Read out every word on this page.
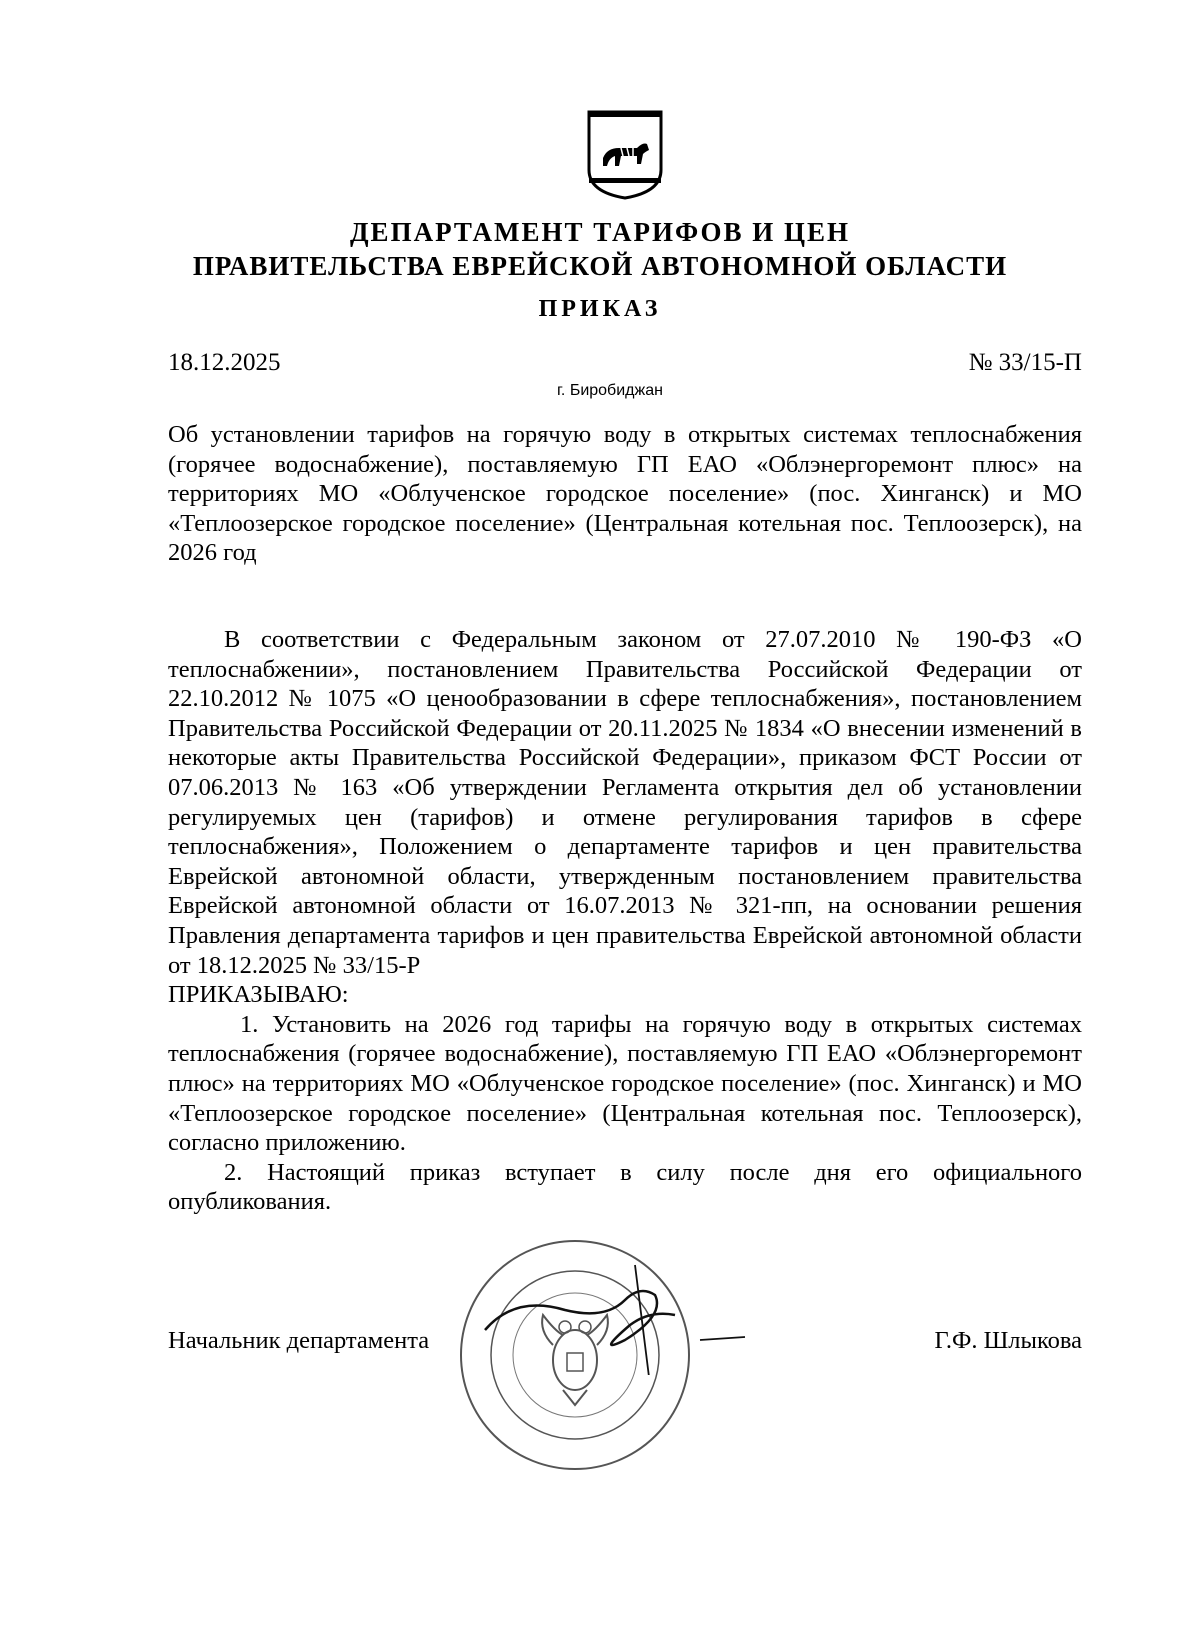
ДЕПАРТАМЕНТ ТАРИФОВ И ЦЕН
ПРАВИТЕЛЬСТВА ЕВРЕЙСКОЙ АВТОНОМНОЙ ОБЛАСТИ
ПРИКАЗ
18.12.2025	№ 33/15-П
г. Биробиджан
Об установлении тарифов на горячую воду в открытых системах теплоснабжения (горячее водоснабжение), поставляемую ГП ЕАО «Облэнергоремонт плюс» на территориях МО «Облученское городское поселение» (пос. Хинганск) и МО «Теплоозерское городское поселение» (Центральная котельная пос. Теплоозерск), на 2026 год

В соответствии с Федеральным законом от 27.07.2010 № 190-ФЗ «О теплоснабжении», постановлением Правительства Российской Федерации от 22.10.2012 № 1075 «О ценообразовании в сфере теплоснабжения», постановлением Правительства Российской Федерации от 20.11.2025 № 1834 «О внесении изменений в некоторые акты Правительства Российской Федерации», приказом ФСТ России от 07.06.2013 № 163 «Об утверждении Регламента открытия дел об установлении регулируемых цен (тарифов) и отмене регулирования тарифов в сфере теплоснабжения», Положением о департаменте тарифов и цен правительства Еврейской автономной области, утвержденным постановлением правительства Еврейской автономной области от 16.07.2013 № 321-пп, на основании решения Правления департамента тарифов и цен правительства Еврейской автономной области от 18.12.2025 № 33/15-Р

ПРИКАЗЫВАЮ:

1. Установить на 2026 год тарифы на горячую воду в открытых системах теплоснабжения (горячее водоснабжение), поставляемую ГП ЕАО «Облэнергоремонт плюс» на территориях МО «Облученское городское поселение» (пос. Хинганск) и МО «Теплоозерское городское поселение» (Центральная котельная пос. Теплоозерск), согласно приложению.

2. Настоящий приказ вступает в силу после дня его официального опубликования.

Начальник департамента	Г.Ф. Шлыкова
